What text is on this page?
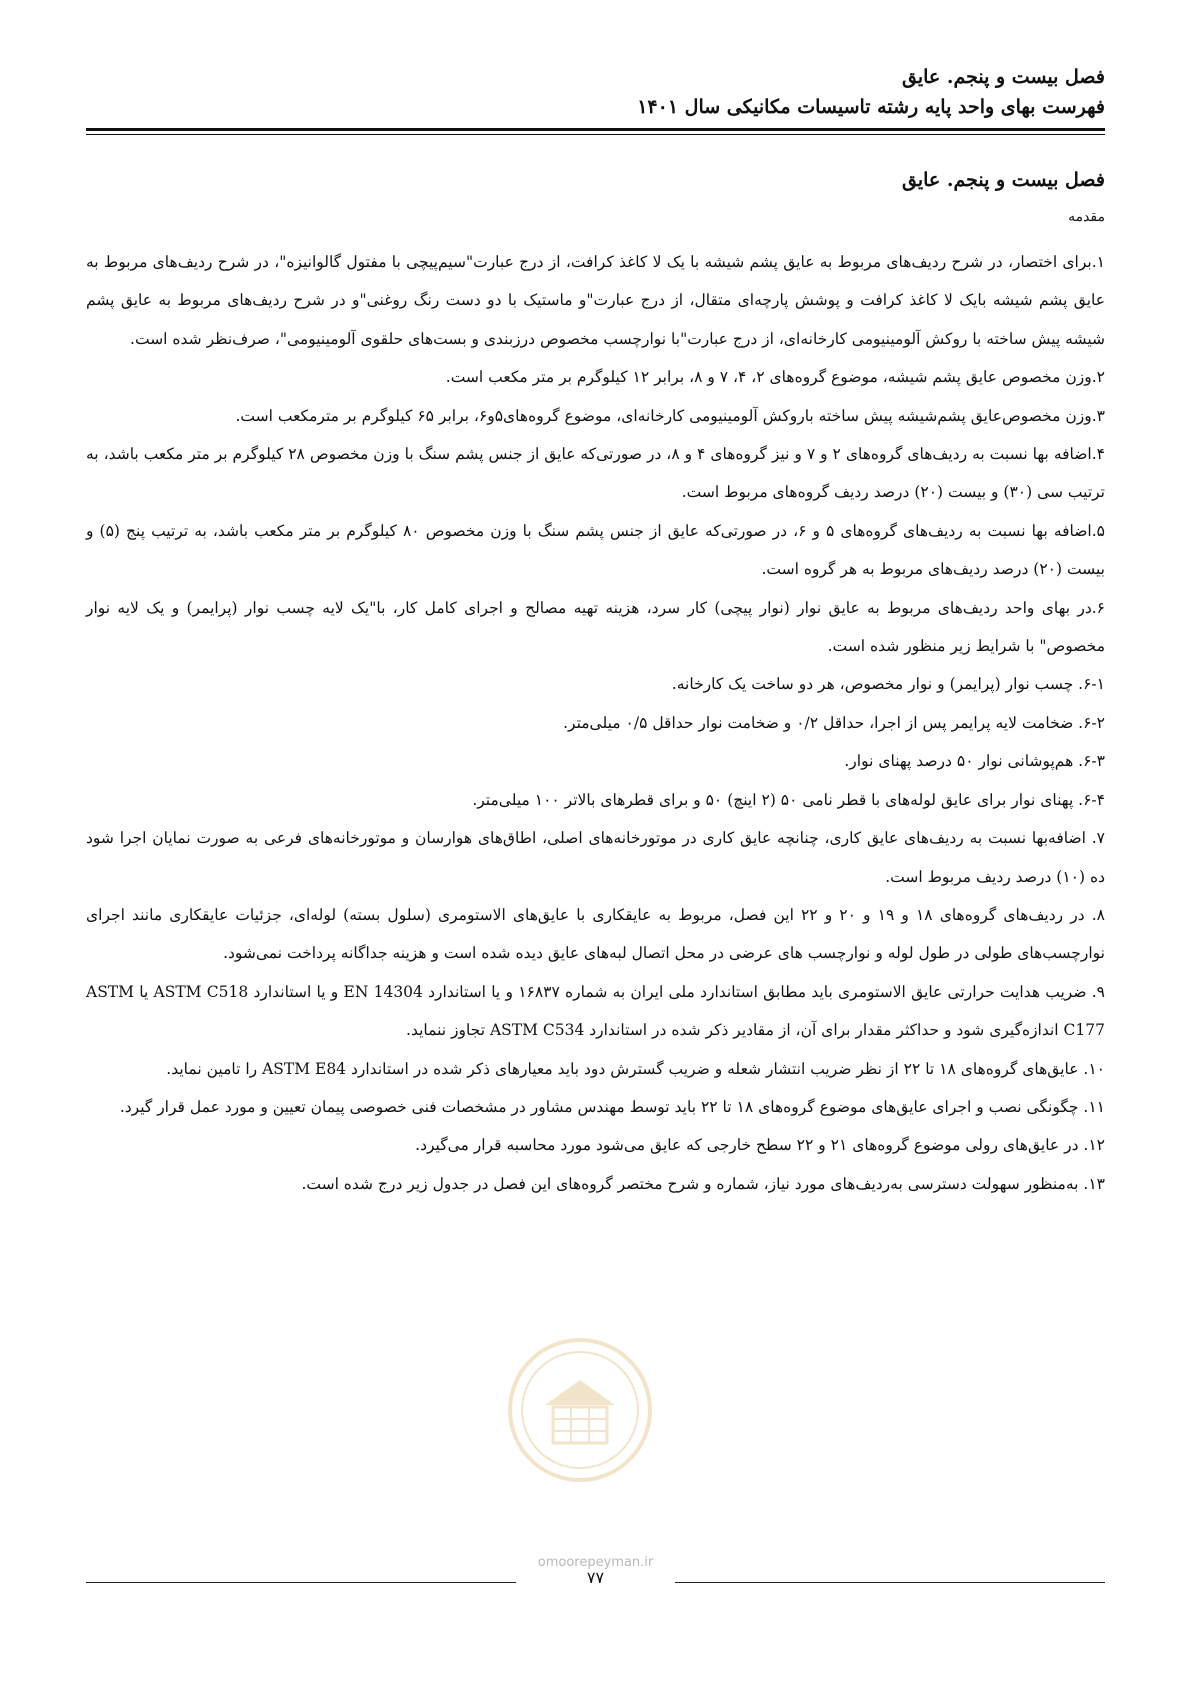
فصل بیست و پنجم. عایق

فهرست بهای واحد پایه رشته تاسیسات مکانیکی سال ۱۴۰۱

فصل بیست و پنجم. عایق

مقدمه

۱.برای اختصار، در شرح ردیف‌های مربوط به عایق پشم شیشه با یک لا کاغذ کرافت، از درج عبارت"سیم‌پیچی با مفتول گالوانیزه"، در شرح ردیف‌های مربوط به عایق پشم شیشه بایک لا کاغذ کرافت و پوشش پارچه‌ای متقال، از درج عبارت"و ماستیک با دو دست رنگ روغنی"و در شرح ردیف‌های مربوط به عایق پشم شیشه پیش ساخته با روکش آلومینیومی کارخانه‌ای، از درج عبارت"با نوارچسب مخصوص درزبندی و بست‌های حلقوی آلومینیومی"، صرف‌نظر شده است.

۲.وزن مخصوص عایق پشم شیشه، موضوع گروه‌های ۲، ۴، ۷ و ۸، برابر ۱۲ کیلوگرم بر متر مکعب است.

۳.وزن مخصوص‌عایق پشم‌شیشه پیش ساخته باروکش آلومینیومی کارخانه‌ای، موضوع گروه‌های۵و۶، برابر ۶۵ کیلوگرم بر مترمکعب است.

۴.اضافه بها نسبت به ردیف‌های گروه‌های ۲ و ۷ و نیز گروه‌های ۴ و ۸، در صورتی‌که عایق از جنس پشم سنگ با وزن مخصوص ۲۸ کیلوگرم بر متر مکعب باشد، به ترتیب سی (۳۰) و بیست (۲۰) درصد ردیف گروه‌های مربوط است.

۵.اضافه بها نسبت به ردیف‌های گروه‌های ۵ و ۶، در صورتی‌که عایق از جنس پشم سنگ با وزن مخصوص ۸۰ کیلوگرم بر متر مکعب باشد، به ترتیب پنج (۵) و بیست (۲۰) درصد ردیف‌های مربوط به هر گروه است.

۶.در بهای واحد ردیف‌های مربوط به عایق نوار (نوار پیچی) کار سرد، هزینه تهیه مصالح و اجرای کامل کار، با"یک لایه چسب نوار (پرایمر) و یک لایه نوار مخصوص" با شرایط زیر منظور شده است.

۶-۱. چسب نوار (پرایمر) و نوار مخصوص، هر دو ساخت یک کارخانه.

۶-۲. ضخامت لایه پرایمر پس از اجرا، حداقل ۰/۲ و ضخامت نوار حداقل ۰/۵ میلی‌متر.

۶-۳. هم‌پوشانی نوار ۵۰ درصد پهنای نوار.

۶-۴. پهنای نوار برای عایق لوله‌های با قطر نامی ۵۰ (۲ اینچ) ۵۰ و برای قطرهای بالاتر ۱۰۰ میلی‌متر.

۷. اضافه‌بها نسبت به ردیف‌های عایق کاری، چنانچه عایق کاری در موتورخانه‌های اصلی، اطاق‌های هوارسان و موتورخانه‌های فرعی به صورت نمایان اجرا شود ده (۱۰) درصد ردیف مربوط است.

۸. در ردیف‌های گروه‌های ۱۸ و ۱۹ و ۲۰ و ۲۲ این فصل، مربوط به عایقکاری با عایق‌های الاستومری (سلول بسته) لوله‌ای، جزئیات عایقکاری مانند اجرای نوارچسب‌های طولی در طول لوله و نوارچسب های عرضی در محل اتصال لبه‌های عایق دیده شده است و هزینه جداگانه پرداخت نمی‌شود.

۹. ضریب هدایت حرارتی عایق الاستومری باید مطابق استاندارد ملی ایران به شماره ۱۶۸۳۷ و یا استاندارد EN 14304 و یا استاندارد ASTM C518 یا ASTM C177 اندازه‌گیری شود و حداکثر مقدار برای آن، از مقادیر ذکر شده در استاندارد ASTM C534 تجاوز ننماید.

۱۰. عایق‌های گروه‌های ۱۸ تا ۲۲ از نظر ضریب انتشار شعله و ضریب گسترش دود باید معیارهای ذکر شده در استاندارد ASTM E84 را تامین نماید.

۱۱. چگونگی نصب و اجرای عایق‌های موضوع گروه‌های ۱۸ تا ۲۲ باید توسط مهندس مشاور در مشخصات فنی خصوصی پیمان تعیین و مورد عمل قرار گیرد.

۱۲. در عایق‌های رولی موضوع گروه‌های ۲۱ و ۲۲ سطح خارجی که عایق می‌شود مورد محاسبه قرار می‌گیرد.

۱۳. به‌منظور سهولت دسترسی به‌ردیف‌های مورد نیاز، شماره و شرح مختصر گروه‌های این فصل در جدول زیر درج شده است.

omoorepeyman.ir
۷۷
